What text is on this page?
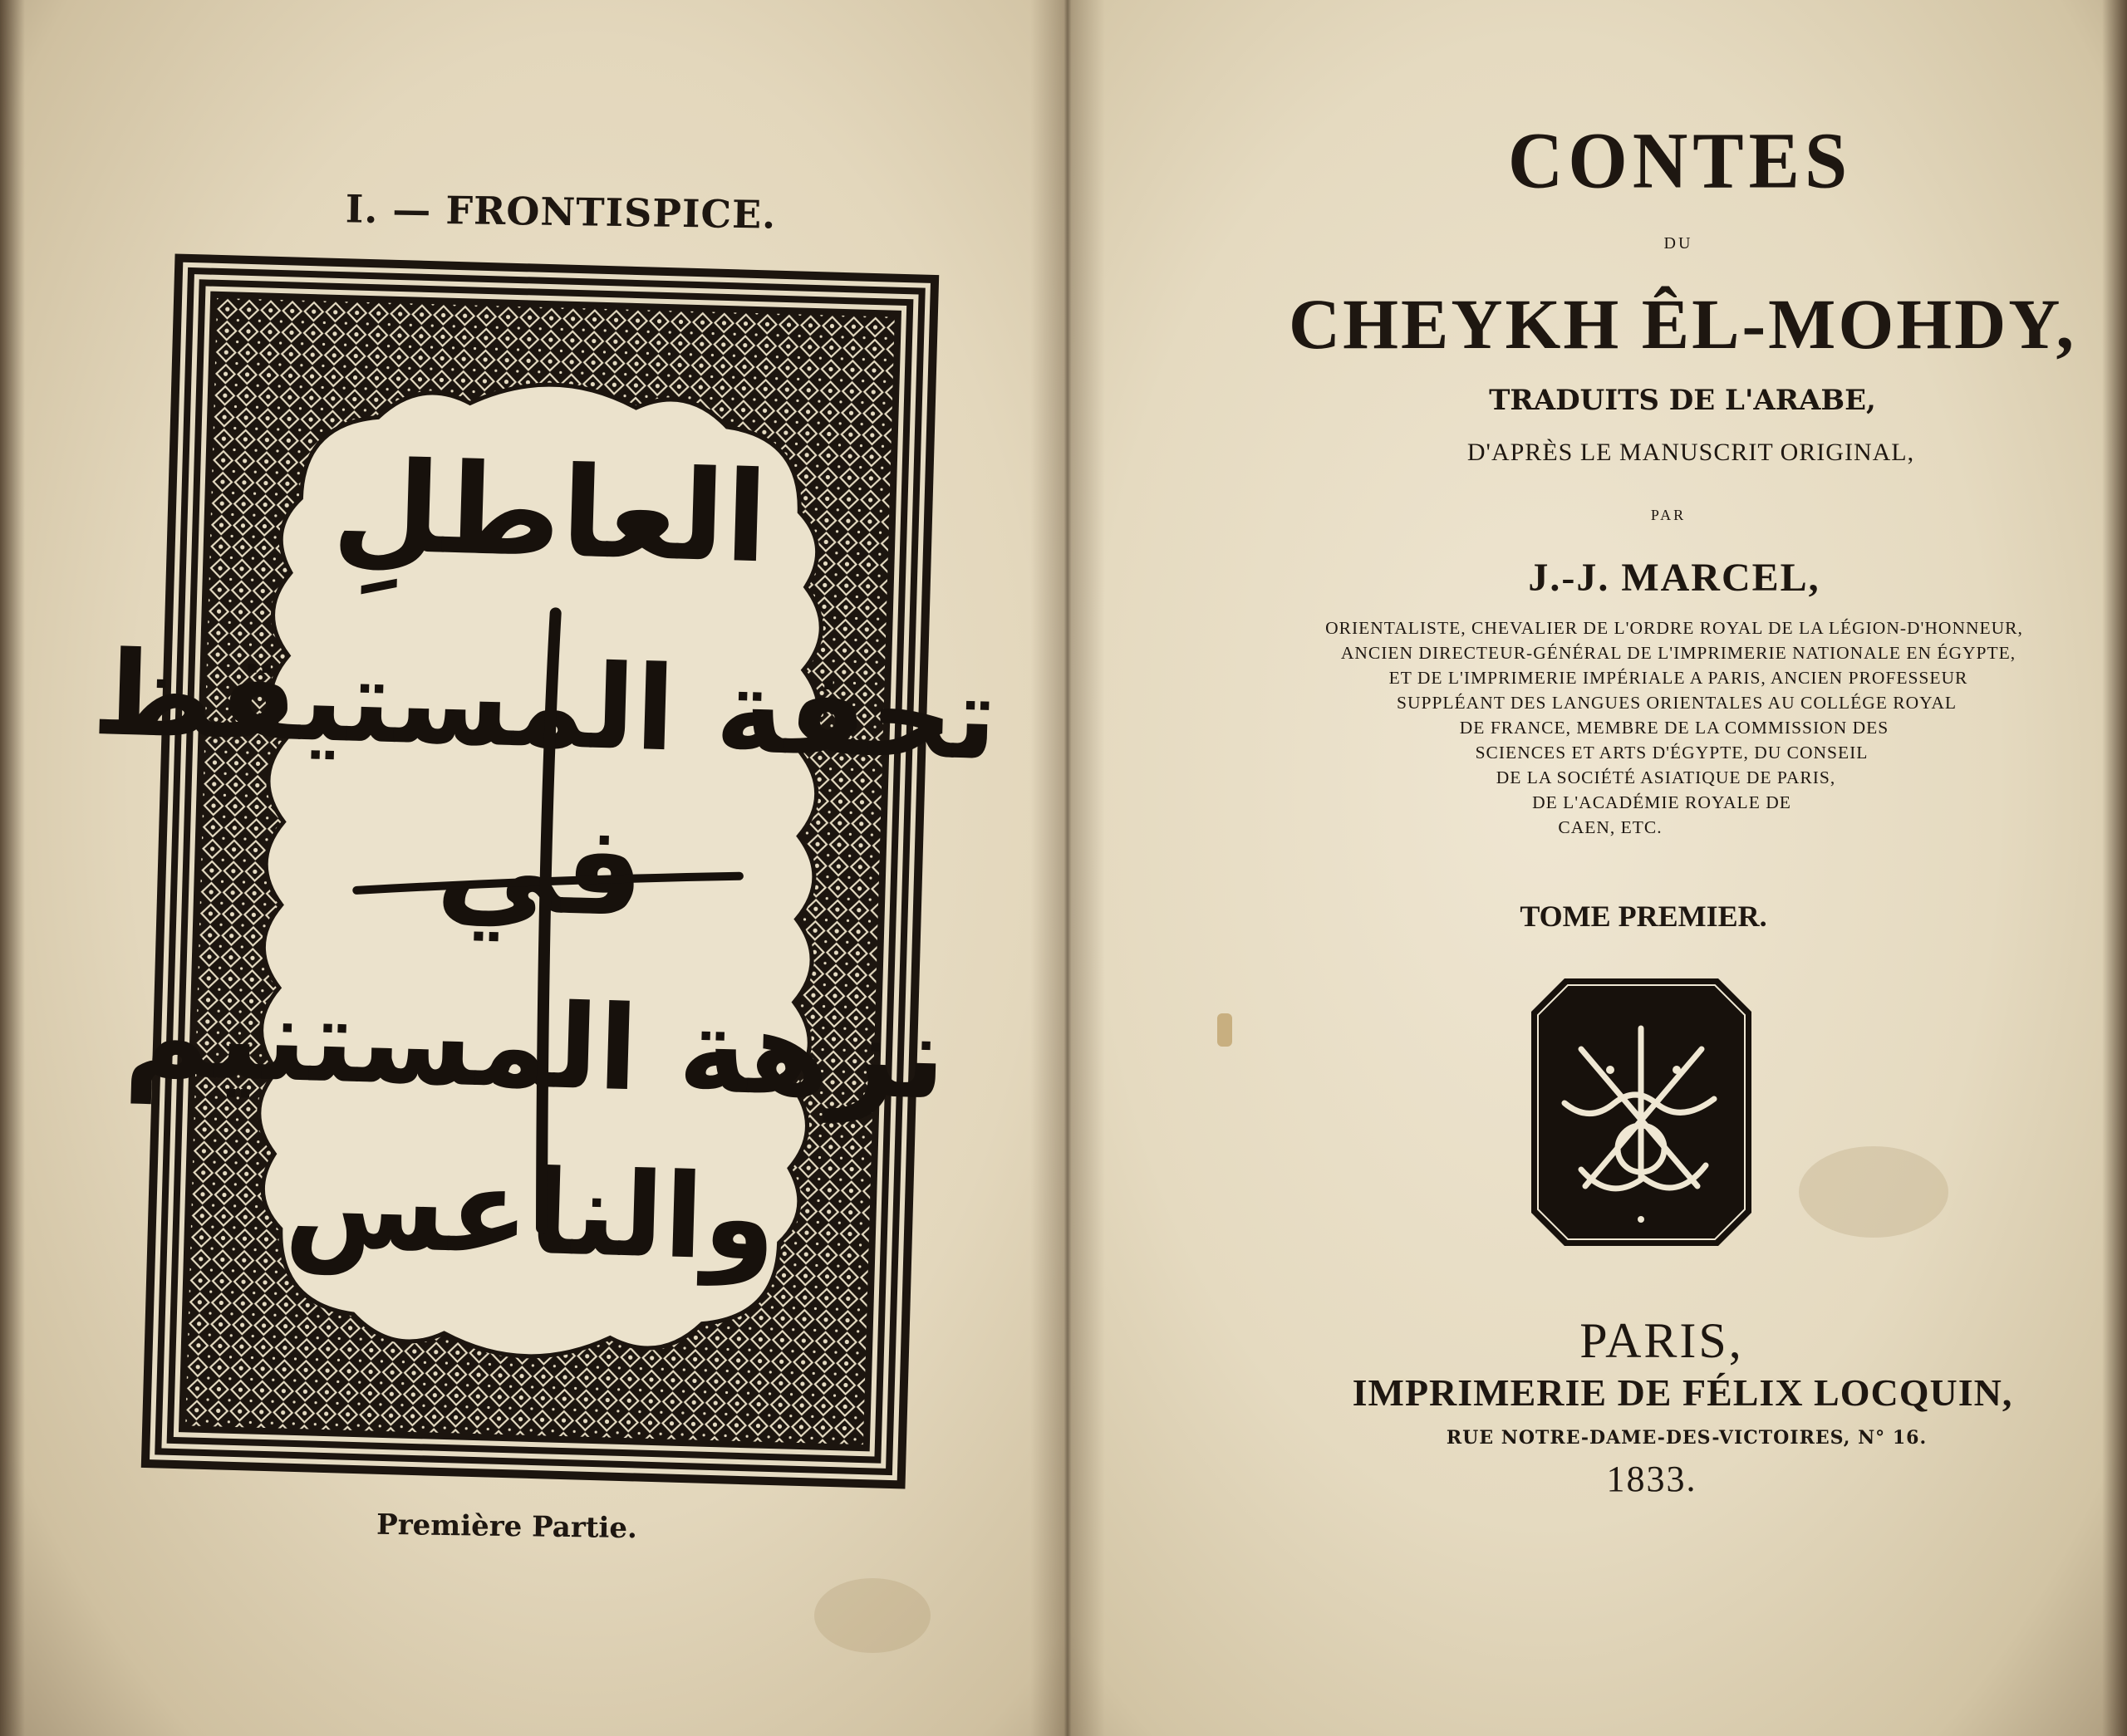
I. — FRONTISPICE.
العاطلِ
تحفة المستيقظ
في
نزهة المستنيم
والناعس
Première Partie.
CONTES
DU
CHEYKH ÊL-MOHDY,
TRADUITS DE L'ARABE,
D'APRÈS LE MANUSCRIT ORIGINAL,
PAR
J.-J. MARCEL,
ORIENTALISTE, CHEVALIER DE L'ORDRE ROYAL DE LA LÉGION-D'HONNEUR,
ANCIEN DIRECTEUR-GÉNÉRAL DE L'IMPRIMERIE NATIONALE EN ÉGYPTE,
ET DE L'IMPRIMERIE IMPÉRIALE A PARIS, ANCIEN PROFESSEUR
SUPPLÉANT DES LANGUES ORIENTALES AU COLLÉGE ROYAL
DE FRANCE, MEMBRE DE LA COMMISSION DES
SCIENCES ET ARTS D'ÉGYPTE, DU CONSEIL
DE LA SOCIÉTÉ ASIATIQUE DE PARIS,
DE L'ACADÉMIE ROYALE DE
CAEN, ETC.
TOME PREMIER.
PARIS,
IMPRIMERIE DE FÉLIX LOCQUIN,
RUE NOTRE-DAME-DES-VICTOIRES, N° 16.
1833.
